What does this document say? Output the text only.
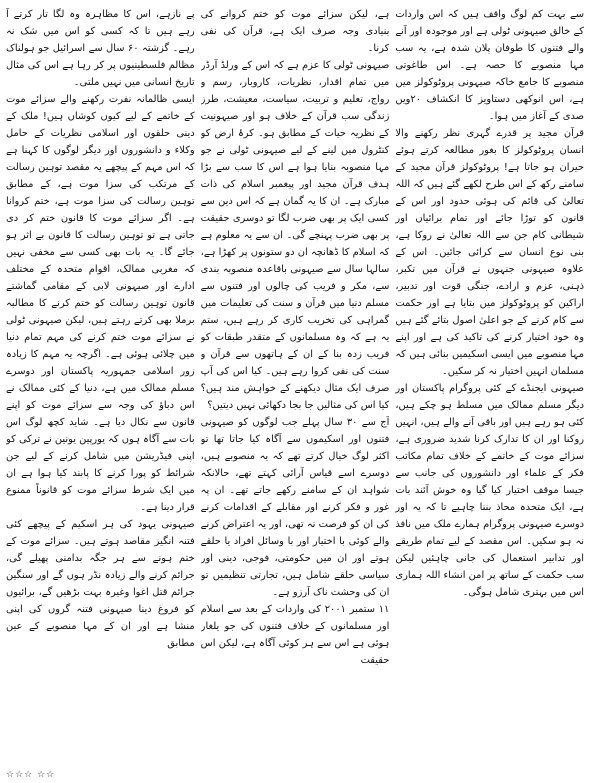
پے نازہے، اس کا مظاہرہ وہ لگا تار کرتے آ رہے ہیں تا کہ کسی کو اس میں شک نہ رہے۔ گزشتہ ۶۰ سال سے اسرائیل جو ہولناک مظالم فلسطینیوں پر کر رہا ہے اس کی مثال تاریخ انسانی میں نہیں ملتی۔

ایسی ظالمانہ نفرت رکھنے والے سزائے موت کے خاتمے کے لیے کیوں کوشاں ہیں! ملک کے دینی حلقوں اور اسلامی نظریات کے حامل وکلاء و دانشوروں اور دیگر لوگوں کا کہنا ہے کہ اس مہم کے پیچھے یہ مقصد توہین رسالت کے مرتکب کی سزا موت ہے، کے مطابق توہین رسالت کی سزا موت ہے، ختم کروانا ہے۔ اگر سزائے موت کا قانون ختم کر دی جاتی ہے تو توہین رسالت کا قانون بے اثر ہو جائے گا۔ یہ بات بھی کسی سے مخفی نہیں کہ مغربی ممالک، اقوام متحدہ کے مختلف ادارے اور صیہونی لابی کے مقامی گماشتے قانون توہین رسالت کو ختم کرنے کا مطالبہ برملا بھی کرتے رہتے ہیں، لیکن صیہونی ٹولی نے سزائے موت ختم کرنے کی مہم تمام دنیا میں چلائی ہوئی ہے۔ اگرچہ یہ مہم کا زیادہ زور اسلامی جمہوریہ پاکستان اور دوسرے مسلم ممالک میں ہے، دنیا کے کئی ممالک نے اس دباؤ کی وجہ سے سزائے موت کو اپنے قانون سے نکال دیا ہے۔ شاید کچھ لوگ اس بات سے آگاہ ہوں کہ یورپین یونین نے ترکی کو اپنی فیڈریشن میں شامل کرنے کے لیے جن شرائط کو پورا کرنے کا پابند کیا ہوا ہے ان میں ایک شرط سزائے موت کو قانوناً ممنوع قرار دینا ہے۔

صیہونی یہود کی ہر اسکیم کے پیچھے کئی فتنہ انگیز مقاصد ہوتے ہیں۔ سزائے موت کے ختم ہونے سے ہر جگہ بدامنی پھیلے گی، جرائم کرنے والے زیادہ نڈر ہوں گے اور سنگین جرائم قتل اغوا وغیرہ بہت بڑھیں گے، برائیوں کو فروغ دینا صیہونی فتنہ گروں کی اپنی منشا ہے اور ان کے مہا منصوبے کے عین مطابق

ہے، لیکن سزائے موت کو ختم کروانے کی بنیادی وجہ صرف ایک ہے، قرآن کی نفی کرنا۔

صیہونی ٹولی کا عزم ہے کہ اس کے ورلڈ آرڈر میں تمام اقدار، نظریات، کاروبار، رسم و رواج، تعلیم و تربیت، سیاست، معیشت، طرز زندگی سب قرآن کے خلاف ہو اور صیہونیت کے نظریہ حیات کے مطابق ہو۔ کرۂ ارض کو کنٹرول میں لینے کے لیے صیہونی ٹولی نے جو مہا منصوبہ بنایا ہوا ہے اس کا سب سے بڑا ہدف قرآن مجید اور پیغمبر اسلام کی ذات مبارک ہے۔ ان کا یہ گمان ہے کہ اس دین سے کسی ایک پر بھی ضرب لگا تو دوسری حقیقت پر بھی ضرب پہنچے گی۔ ان سے یہ معلوم ہے کہ اسلام کا ڈھانچہ ان دو ستونوں پر کھڑا ہے، سالہا سال سے صیہونی باقاعدہ منصوبہ بندی سے، مکر و فریب کی چالوں اور فتنوں سے مسلم دنیا میں قرآن و سنت کی تعلیمات میں گمراہی کی تخریب کاری کر رہے ہیں، ستم یہ ہے کہ وہ مسلمانوں کے متقدر طبقات کو فریب زدہ بنا کے ان کے ہاتھوں سے قرآن و سنت کی نفی کروا رہے ہیں۔ کیا اس کی آپ صرف ایک مثال دیکھنے کے خواہش مند ہیں؟ کیا اس کی مثالیں جا بجا دکھائی نہیں دیتیں؟

آج سے ۳۰ سال پہلے جب لوگوں کو صیہونی فتنوں اور اسکیموں سے آگاہ کیا جاتا تھا تو اکثر لوگ خیال کرتے تھے کہ یہ منصوبے ہیں، دوسرے اسے قیاس آرائی کہتے تھے، حالانکہ شواہد ان کے سامنے رکھے جاتے تھے۔ ان پہ غور و فکر کرنے اور مقابلے کے اقدامات کرنے کی ان کو فرصت نہ تھی، اور یہ اعتراض کرنے والے کوئی با اختیار اور با وسائل افراد یا حلقے ہوتے اور ان میں حکومتی، فوجی، دینی اور سیاسی حلقے شامل ہیں، تجارتی تنظیمیں تو ان کی وحشت ناک آرزو ہے۔

۱۱ ستمبر ۲۰۰۱ کی واردات کے بعد سے اسلام اور مسلمانوں کے خلاف فتنوں کی جو یلغار ہوئی ہے اس سے ہر کوئی آگاہ ہے، لیکن اس حقیقت

سے بہت کم لوگ واقف ہیں کہ اس واردات کے خالق صیہونی ٹولی ہے اور موجودہ اور آنے والے فتنوں کا طوفان پلان شدہ ہے، یہ سب مہا منصوبے کا حصہ ہے۔ اس طاغوتی منصوبے کا جامع خاکہ صیہونی پروٹوکولز میں ہے، اس انوکھی دستاویز کا انکشاف ۲۰ویں صدی کے آغاز میں ہوا۔

قرآن مجید پر قدرے گہری نظر رکھنے والا انسان پروٹوکولز کا بغور مطالعہ کرتے ہوئے حیران ہو جاتا ہے! پروٹوکولز قرآن مجید کے سامنے رکھ کے اس طرح لکھے گئے ہیں کہ اللہ تعالیٰ کی قائم کی ہوئی حدود اور اس کے قانون کو توڑا جائے اور تمام برائیاں اور شیطانی کام جن سے اللہ تعالیٰ نے روکا ہے، بنی نوع انسان سے کرائی جائیں۔ اس کے علاوہ صیہونی جنہوں نے قرآن میں تکبر، ذہنی، عزم و ارادے، جنگی قوت اور تدبیر، اراکین کو پروٹوکولز میں بتایا ہے اور حکمت سے کام کرنے کے جو اعلیٰ اصول بتائے گئے ہیں وہ خود اختیار کرنے کی تاکید کی ہے اور اپنے مہا منصوبے میں ایسی اسکیمیں بنائی ہیں کہ مسلمان انہیں اختیار نہ کر سکیں۔

صیہونی ایجنڈے کے کئی پروگرام پاکستان اور دیگر مسلم ممالک میں مسلط ہو چکے ہیں، کئی ہو رہے ہیں اور باقی آنے والے ہیں، انہیں روکنا اور ان کا تدارک کرنا شدید ضروری ہے، سزائے موت کے خاتمے کے خلاف تمام مکاتب فکر کے علماء اور دانشوروں کی جانب سے جیسا موقف اختیار کیا گیا وہ خوش آئند بات ہے، ایک متحدہ محاذ بننا چاہیے تا کہ یہ اور دوسرے صیہونی پروگرام ہمارے ملک میں نافذ نہ ہو سکیں۔ اس مقصد کے لیے تمام طریقے اور تدابیر استعمال کی جانی چاہئیں لیکن سب حکمت کے ساتھ پر امن انشاء اللہ ہماری اس میں بہتری شامل ہوگی۔

☆☆☆ ☆☆
